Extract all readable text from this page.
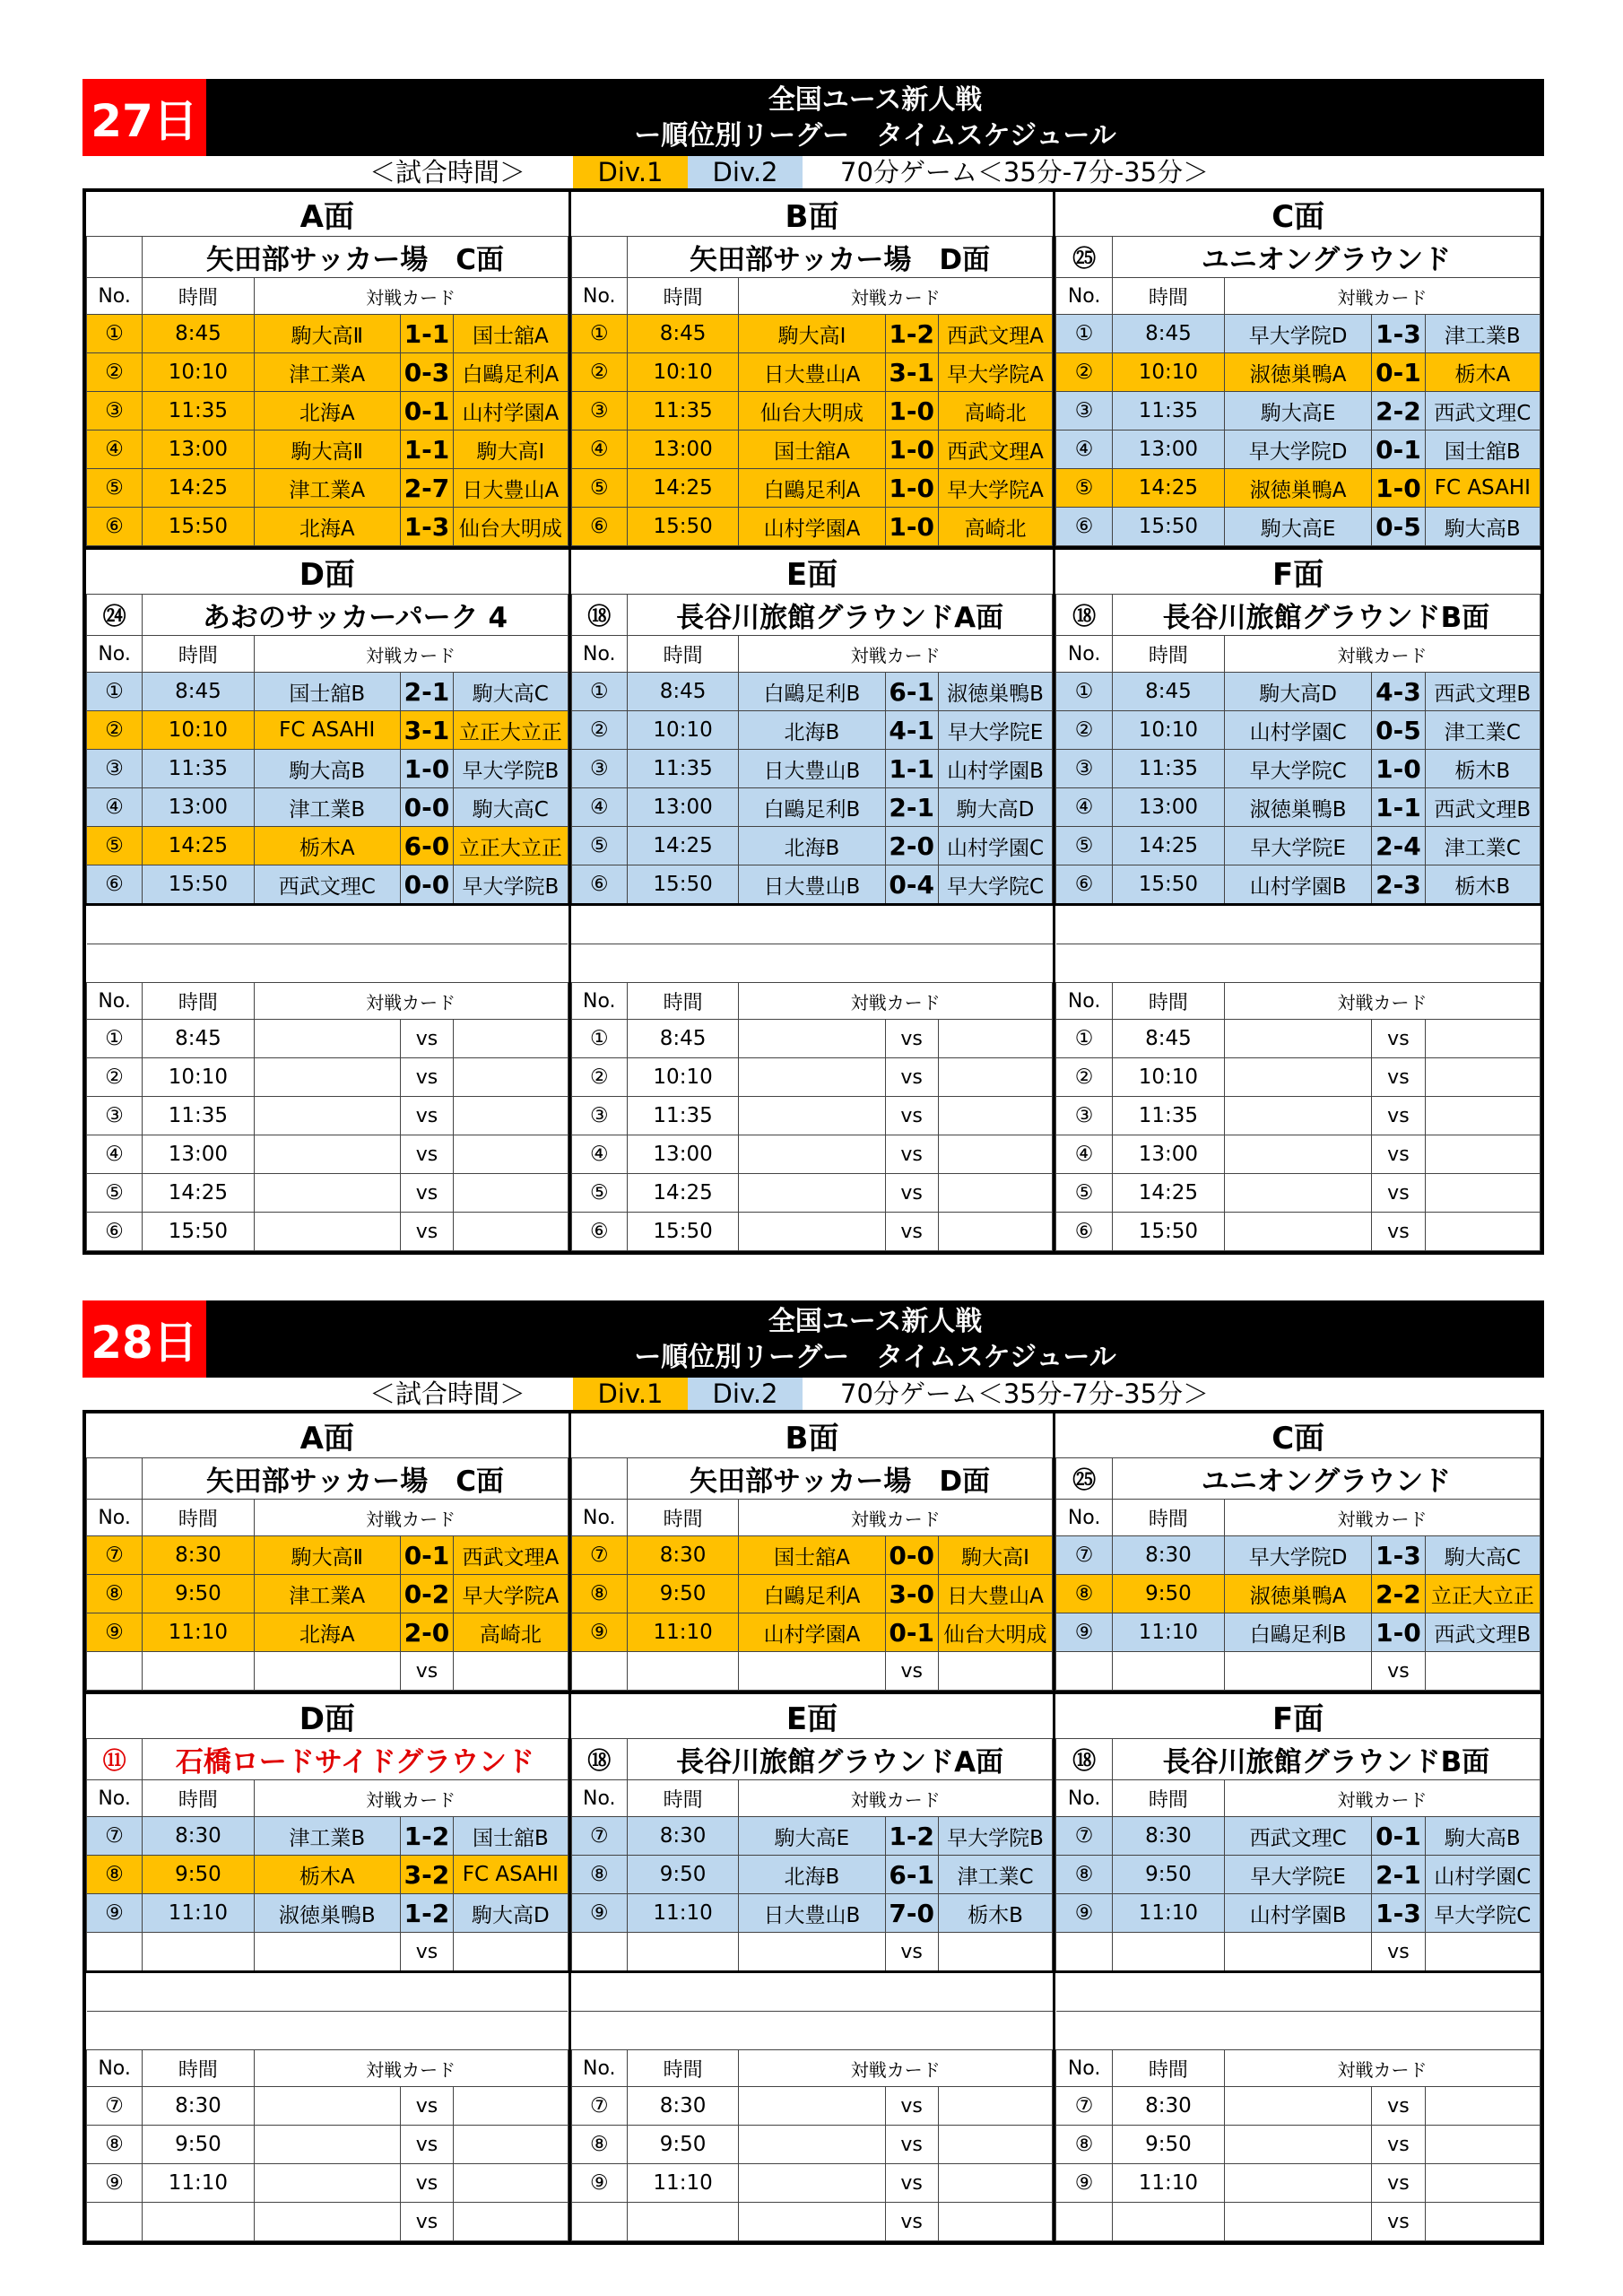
27日	全国ユース新人戦
ー順位別リーグー　タイムスケジュール
＜試合時間＞	Div.1	Div.2	70分ゲーム＜35分-7分-35分＞
A面				
	矢田部サッカー場　C面			
No.	時間	対戦カード		
①	8:45	駒大高Ⅱ	1-1	国士舘A
②	10:10	津工業A	0-3	白鷗足利A
③	11:35	北海A	0-1	山村学園A
④	13:00	駒大高Ⅱ	1-1	駒大高Ⅰ
⑤	14:25	津工業A	2-7	日大豊山A
⑥	15:50	北海A	1-3	仙台大明成
B面				
	矢田部サッカー場　D面			
No.	時間	対戦カード		
①	8:45	駒大高Ⅰ	1-2	西武文理A
②	10:10	日大豊山A	3-1	早大学院A
③	11:35	仙台大明成	1-0	高崎北
④	13:00	国士舘A	1-0	西武文理A
⑤	14:25	白鷗足利A	1-0	早大学院A
⑥	15:50	山村学園A	1-0	高崎北
C面				
㉕	ユニオングラウンド			
No.	時間	対戦カード		
①	8:45	早大学院D	1-3	津工業B
②	10:10	淑徳巣鴨A	0-1	栃木A
③	11:35	駒大高E	2-2	西武文理C
④	13:00	早大学院D	0-1	国士舘B
⑤	14:25	淑徳巣鴨A	1-0	FC ASAHI
⑥	15:50	駒大高E	0-5	駒大高B
D面				
㉔	あおのサッカーパーク 4			
No.	時間	対戦カード		
①	8:45	国士舘B	2-1	駒大高C
②	10:10	FC ASAHI	3-1	立正大立正
③	11:35	駒大高B	1-0	早大学院B
④	13:00	津工業B	0-0	駒大高C
⑤	14:25	栃木A	6-0	立正大立正
⑥	15:50	西武文理C	0-0	早大学院B

No.	時間	対戦カード		
①	8:45		vs	
②	10:10		vs	
③	11:35		vs	
④	13:00		vs	
⑤	14:25		vs	
⑥	15:50		vs	
E面				
⑱	長谷川旅館グラウンドA面			
No.	時間	対戦カード		
①	8:45	白鷗足利B	6-1	淑徳巣鴨B
②	10:10	北海B	4-1	早大学院E
③	11:35	日大豊山B	1-1	山村学園B
④	13:00	白鷗足利B	2-1	駒大高D
⑤	14:25	北海B	2-0	山村学園C
⑥	15:50	日大豊山B	0-4	早大学院C

No.	時間	対戦カード		
①	8:45		vs	
②	10:10		vs	
③	11:35		vs	
④	13:00		vs	
⑤	14:25		vs	
⑥	15:50		vs	
F面				
⑱	長谷川旅館グラウンドB面			
No.	時間	対戦カード		
①	8:45	駒大高D	4-3	西武文理B
②	10:10	山村学園C	0-5	津工業C
③	11:35	早大学院C	1-0	栃木B
④	13:00	淑徳巣鴨B	1-1	西武文理B
⑤	14:25	早大学院E	2-4	津工業C
⑥	15:50	山村学園B	2-3	栃木B

No.	時間	対戦カード		
①	8:45		vs	
②	10:10		vs	
③	11:35		vs	
④	13:00		vs	
⑤	14:25		vs	
⑥	15:50		vs	
28日	全国ユース新人戦
ー順位別リーグー　タイムスケジュール
＜試合時間＞	Div.1	Div.2	70分ゲーム＜35分-7分-35分＞
A面				
	矢田部サッカー場　C面			
No.	時間	対戦カード		
⑦	8:30	駒大高Ⅱ	0-1	西武文理A
⑧	9:50	津工業A	0-2	早大学院A
⑨	11:10	北海A	2-0	高崎北
			vs	
B面				
	矢田部サッカー場　D面			
No.	時間	対戦カード		
⑦	8:30	国士舘A	0-0	駒大高Ⅰ
⑧	9:50	白鷗足利A	3-0	日大豊山A
⑨	11:10	山村学園A	0-1	仙台大明成
			vs	
C面				
㉕	ユニオングラウンド			
No.	時間	対戦カード		
⑦	8:30	早大学院D	1-3	駒大高C
⑧	9:50	淑徳巣鴨A	2-2	立正大立正
⑨	11:10	白鷗足利B	1-0	西武文理B
			vs	
D面				
⑪	石橋ロードサイドグラウンド			
No.	時間	対戦カード		
⑦	8:30	津工業B	1-2	国士舘B
⑧	9:50	栃木A	3-2	FC ASAHI
⑨	11:10	淑徳巣鴨B	1-2	駒大高D
			vs	

No.	時間	対戦カード		
⑦	8:30		vs	
⑧	9:50		vs	
⑨	11:10		vs	
			vs	
E面				
⑱	長谷川旅館グラウンドA面			
No.	時間	対戦カード		
⑦	8:30	駒大高E	1-2	早大学院B
⑧	9:50	北海B	6-1	津工業C
⑨	11:10	日大豊山B	7-0	栃木B
			vs	

No.	時間	対戦カード		
⑦	8:30		vs	
⑧	9:50		vs	
⑨	11:10		vs	
			vs	
F面				
⑱	長谷川旅館グラウンドB面			
No.	時間	対戦カード		
⑦	8:30	西武文理C	0-1	駒大高B
⑧	9:50	早大学院E	2-1	山村学園C
⑨	11:10	山村学園B	1-3	早大学院C
			vs	

No.	時間	対戦カード		
⑦	8:30		vs	
⑧	9:50		vs	
⑨	11:10		vs	
			vs	
